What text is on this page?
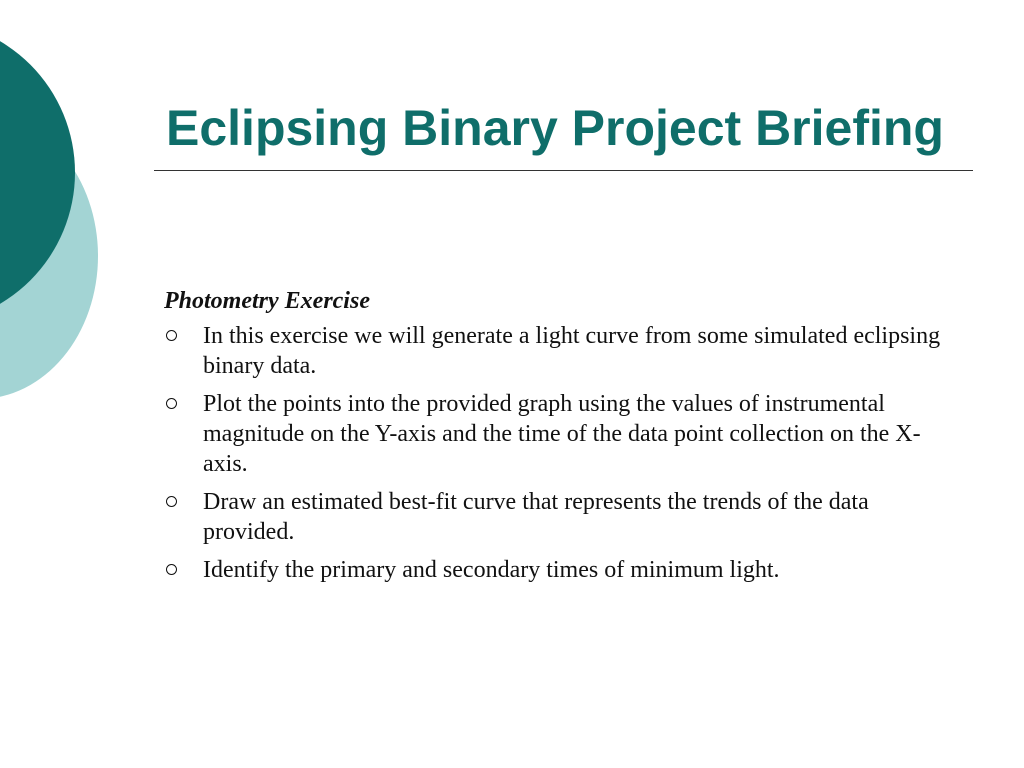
Eclipsing Binary Project Briefing

Photometry Exercise

In this exercise we will generate a light curve from some simulated eclipsing binary data.
Plot the points into the provided graph using the values of instrumental magnitude on the Y-axis and the time of the data point collection on the X-axis.
Draw an estimated best-fit curve that represents the trends of the data provided.
Identify the primary and secondary times of minimum light.
